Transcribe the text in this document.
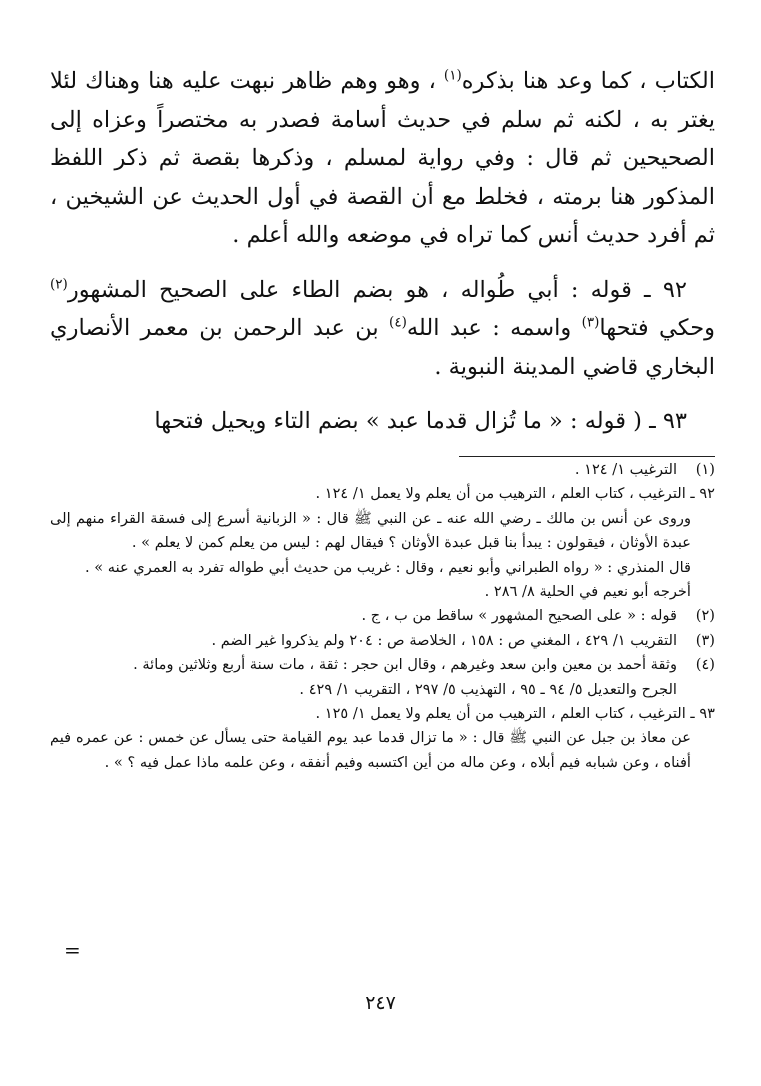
الكتاب ، كما وعد هنا بذكره$^{(١)}$ ، وهو وهم ظاهر نبهت عليه هنا وهناك لئلا يغتر به ، لكنه ثم سلم في حديث أسامة فصدر به مختصراً وعزاه إلى الصحيحين ثم قال : وفي رواية لمسلم ، وذكرها بقصة ثم ذكر اللفظ المذكور هنا برمته ، فخلط مع أن القصة في أول الحديث عن الشيخين ، ثم أفرد حديث أنس كما تراه في موضعه والله أعلم .

٩٢ ـ قوله : أبي طُواله ، هو بضم الطاء على الصحيح المشهور$^{(٢)}$ وحكي فتحها$^{(٣)}$ واسمه : عبد الله$^{(٤)}$ بن عبد الرحمن بن معمر الأنصاري البخاري قاضي المدينة النبوية .

٩٣ ـ ( قوله : « ما تُزال قدما عبد » بضم التاء ويحيل فتحها

(١)الترغيب ١/ ١٢٤ .
٩٢ ـ الترغيب ، كتاب العلم ، الترهيب من أن يعلم ولا يعمل ١/ ١٢٤ .
وروى عن أنس بن مالك ـ رضي الله عنه ـ عن النبي ﷺ قال : « الزبانية أسرع إلى فسقة القراء منهم إلى عبدة الأوثان ، فيقولون : يبدأ بنا قبل عبدة الأوثان ؟ فيقال لهم : ليس من يعلم كمن لا يعلم » .
قال المنذري : « رواه الطبراني وأبو نعيم ، وقال : غريب من حديث أبي طواله تفرد به العمري عنه » .
أخرجه أبو نعيم في الحلية ٨/ ٢٨٦ .
(٢)قوله : « على الصحيح المشهور » ساقط من ب ، ج .
(٣)التقريب ١/ ٤٢٩ ، المغني ص : ١٥٨ ، الخلاصة ص : ٢٠٤ ولم يذكروا غير الضم .
(٤)وثقة أحمد بن معين وابن سعد وغيرهم ، وقال ابن حجر : ثقة ، مات سنة أربع وثلاثين ومائة .
الجرح والتعديل ٥/ ٩٤ ـ ٩٥ ، التهذيب ٥/ ٢٩٧ ، التقريب ١/ ٤٢٩ .
٩٣ ـ الترغيب ، كتاب العلم ، الترهيب من أن يعلم ولا يعمل ١/ ١٢٥ .
عن معاذ بن جبل عن النبي ﷺ قال : « ما تزال قدما عبد يوم القيامة حتى يسأل عن خمس : عن عمره فيم أفناه ، وعن شبابه فيم أبلاه ، وعن ماله من أين اكتسبه وفيم أنفقه ، وعن علمه ماذا عمل فيه ؟ » .
=
٢٤٧
